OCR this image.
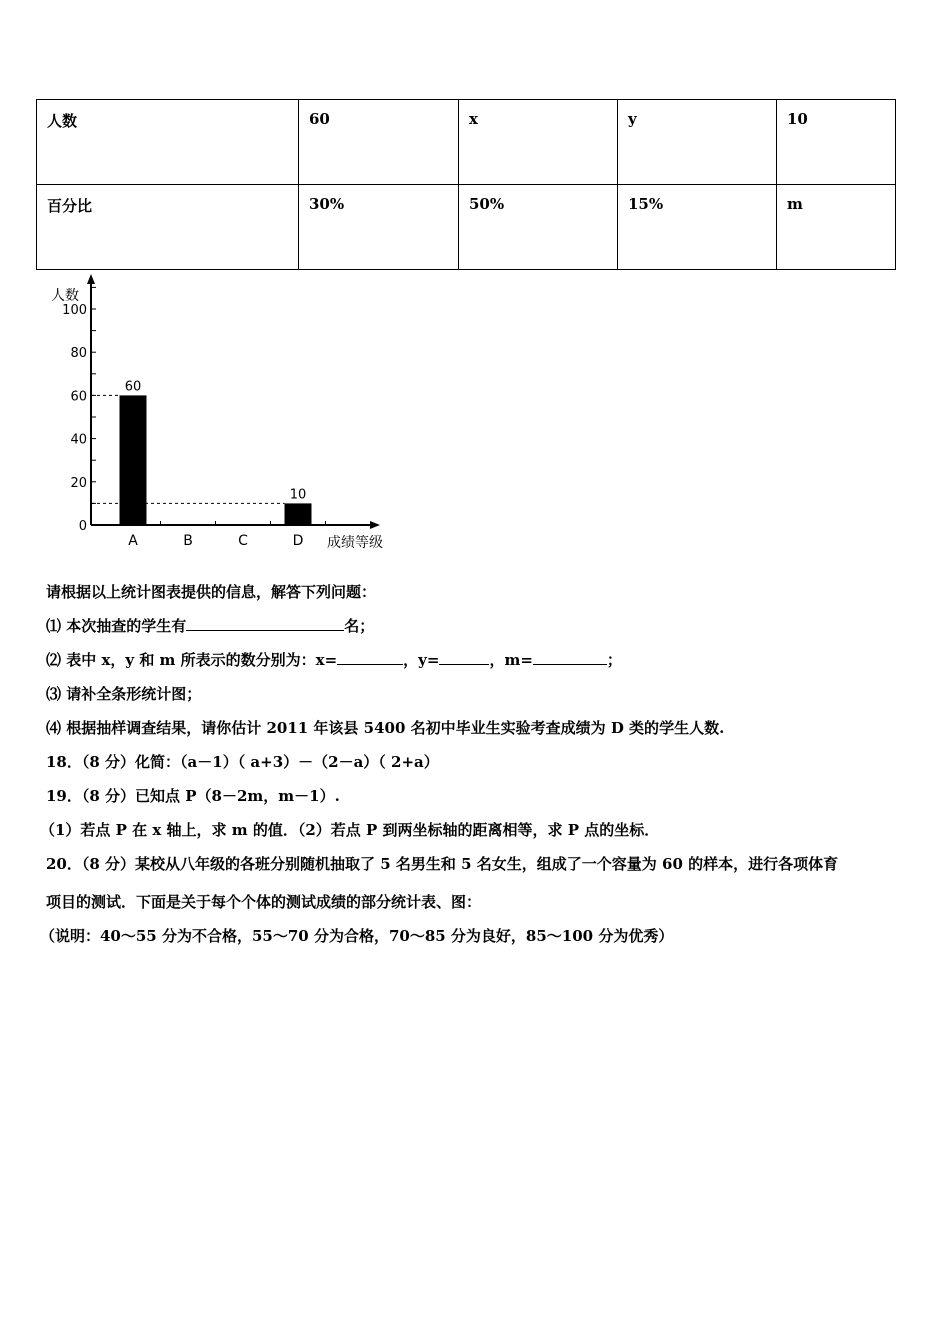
人数	60	x	y	10
百分比	30%	50%	15%	m
100
80
60
40
20
0
人数
A	B	C	D 成绩等级
60
10
请根据以上统计图表提供的信息，解答下列问题：
⑴ 本次抽查的学生有	名；
⑵ 表中 x，y 和 m 所表示的数分别为：x=	，y=	，m=	；
⑶ 请补全条形统计图；
⑷ 根据抽样调查结果，请你估计 2011 年该县 5400 名初中毕业生实验考查成绩为 D 类的学生人数.
18．（8 分）化简：（a－1）（ a+3）－（2－a）（ 2+a）
19．（8 分）已知点 P（8－2m，m－1）.
（1）若点 P 在 x 轴上，求 m 的值．（2）若点 P 到两坐标轴的距离相等，求 P 点的坐标．
20．（8 分）某校从八年级的各班分别随机抽取了 5 名男生和 5 名女生，组成了一个容量为 60 的样本，进行各项体育
项目的测试．下面是关于每个个体的测试成绩的部分统计表、图：
（说明：40～55 分为不合格，55～70 分为合格，70～85 分为良好，85～100 分为优秀）
